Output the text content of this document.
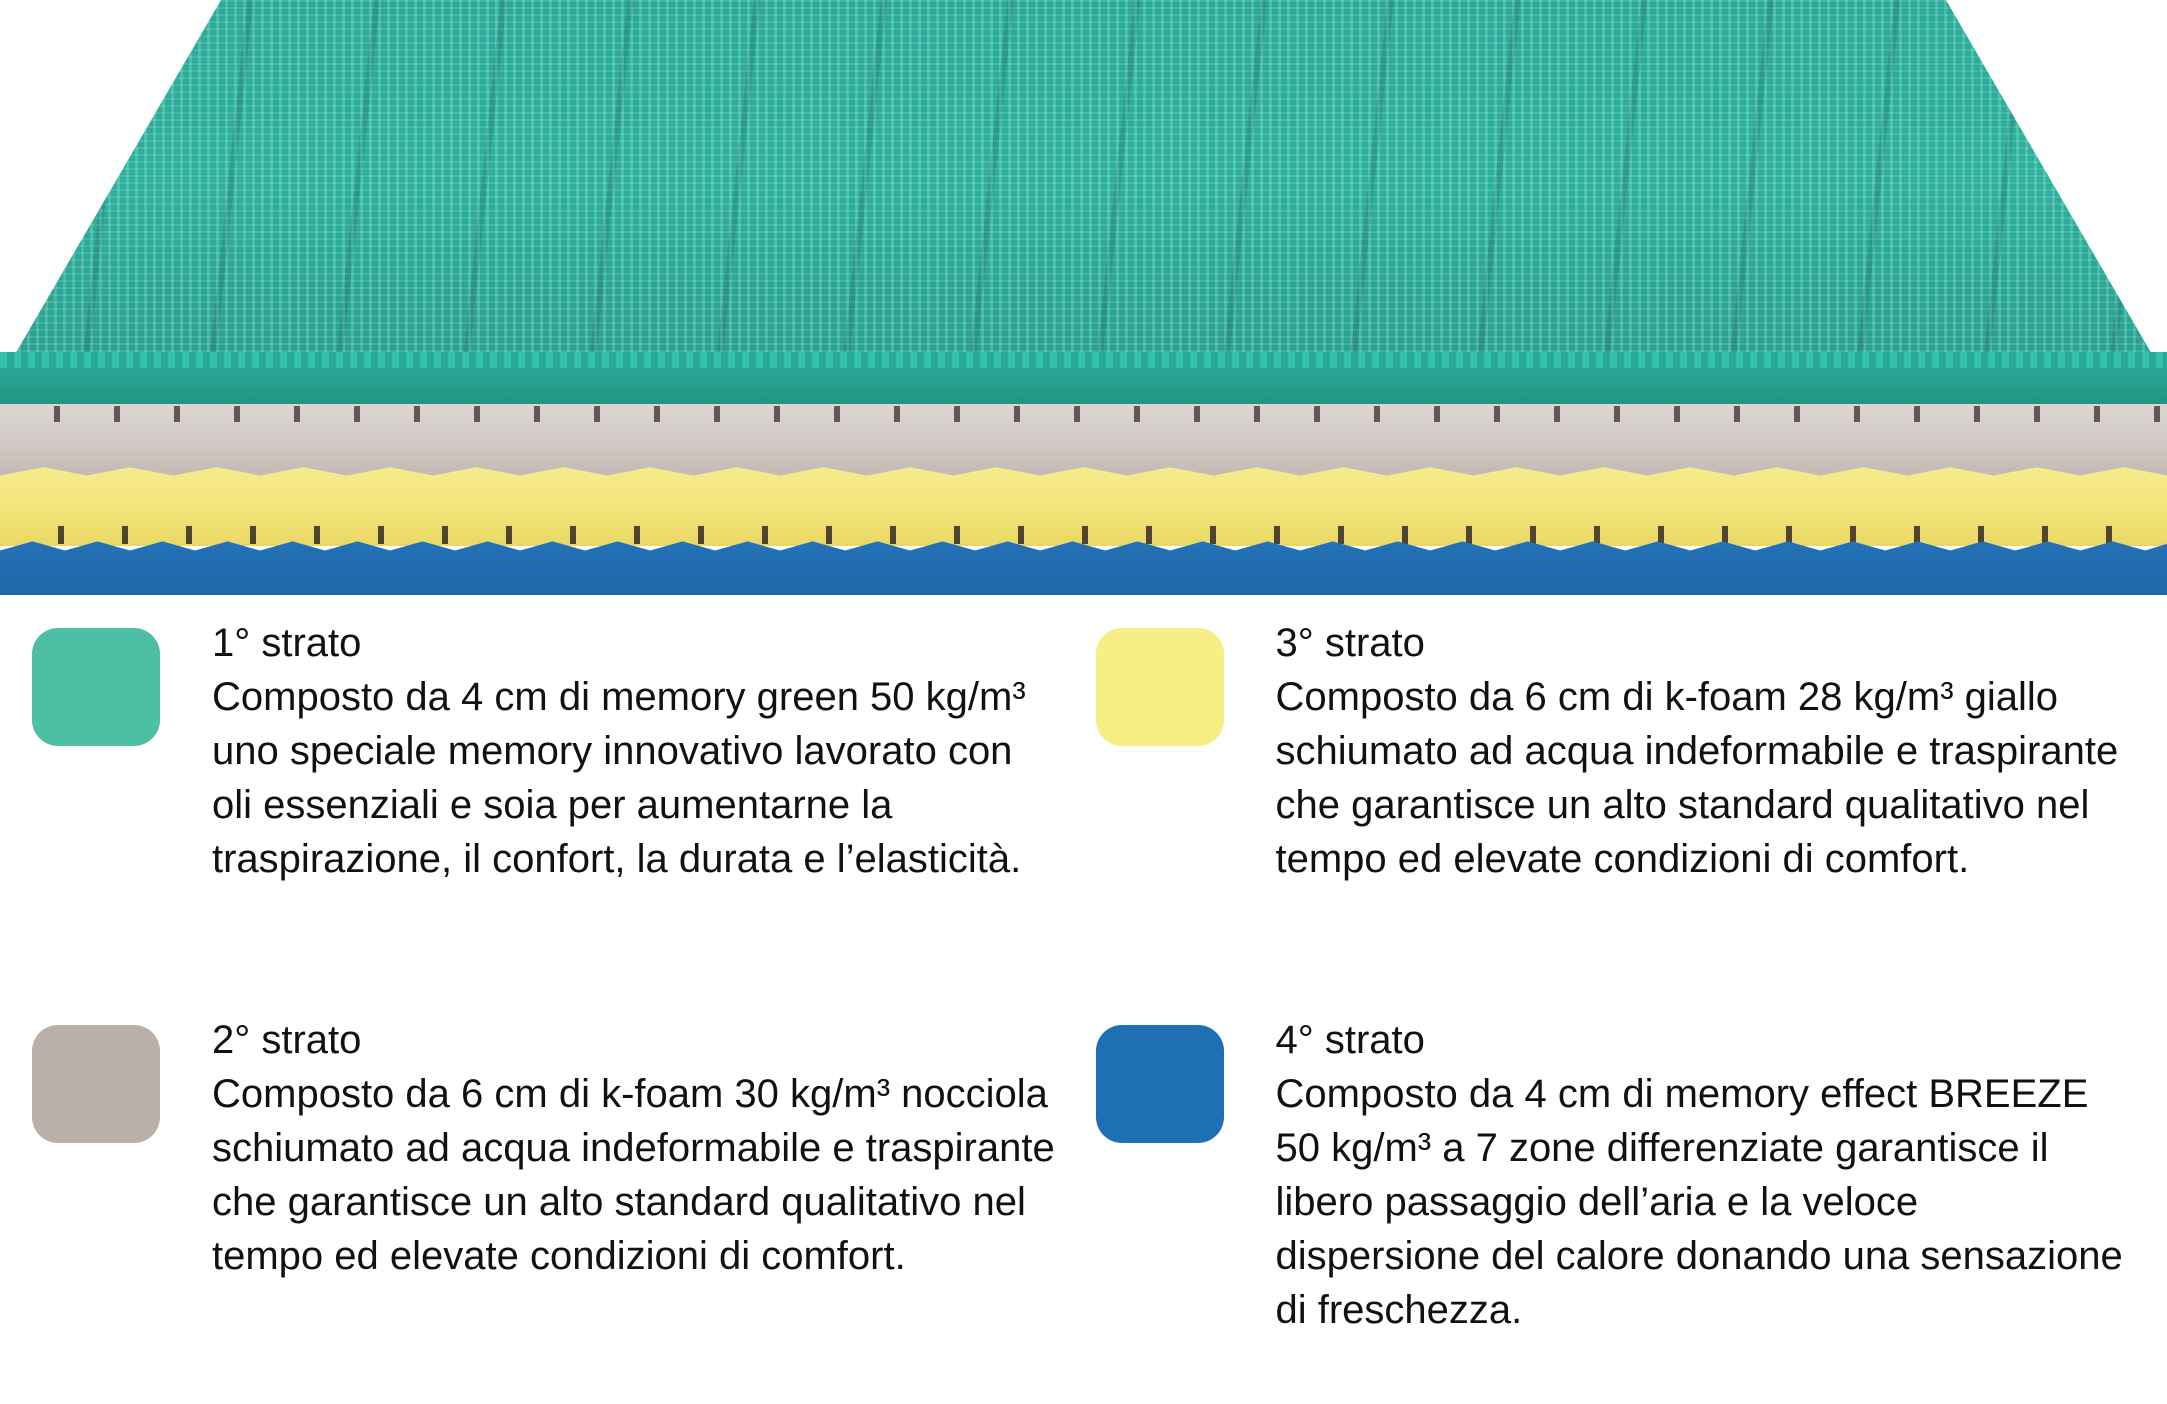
1° strato

Composto da 4 cm di memory green 50 kg/m³ uno speciale memory innovativo lavorato con oli essenziali e soia per aumentarne la traspirazione, il confort, la durata e l’elasticità.

3° strato

Composto da 6 cm di k-foam 28 kg/m³ giallo schiumato ad acqua indeformabile e traspirante che garantisce un alto standard qualitativo nel tempo ed elevate condizioni di comfort.

2° strato

Composto da 6 cm di k-foam 30 kg/m³ nocciola schiumato ad acqua indeformabile e traspirante che garantisce un alto standard qualitativo nel tempo ed elevate condizioni di comfort.

4° strato

Composto da 4 cm di memory effect BREEZE 50 kg/m³ a 7 zone differenziate garantisce il libero passaggio dell’aria e la veloce dispersione del calore donando una sensazione di freschezza.
